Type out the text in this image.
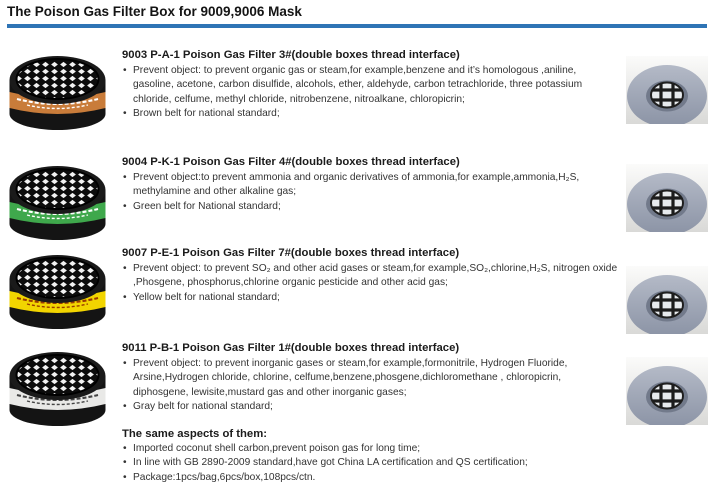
The Poison Gas Filter Box for 9009,9006 Mask
9003 P-A-1 Poison Gas Filter 3#(double boxes thread interface)
• Prevent object: to prevent organic gas or steam,for example,benzene and it’s homologous ,aniline, gasoline, acetone, carbon disulfide, alcohols, ether, aldehyde, carbon tetrachloride, three potassium chloride, celfume, methyl chloride, nitrobenzene, nitroalkane, chloropicrin;
• Brown belt for national standard;
9004 P-K-1 Poison Gas Filter 4#(double boxes thread interface)
• Prevent object:to prevent ammonia and organic derivatives of ammonia,for example,ammonia,H₂S, methylamine and other alkaline gas;
• Green belt for National standard;
9007 P-E-1 Poison Gas Filter 7#(double boxes thread interface)
• Prevent object: to prevent SO₂ and other acid gases or steam,for example,SO₂,chlorine,H₂S, nitrogen oxide ,Phosgene, phosphorus,chlorine organic pesticide and other acid gas;
• Yellow belt for national standard;
9011 P-B-1 Poison Gas Filter 1#(double boxes thread interface)
• Prevent object: to prevent inorganic gases or steam,for example,formonitrile, Hydrogen Fluoride, Arsine,Hydrogen chloride, chlorine, celfume,benzene,phosgene,dichloromethane , chloropicrin, diphosgene, lewisite,mustard gas and other inorganic gases;
• Gray belt for national standard;
The same aspects of them:
• Imported coconut shell carbon,prevent poison gas for long time;
• In line with GB 2890-2009 standard,have got China LA certification and QS certification;
• Package:1pcs/bag,6pcs/box,108pcs/ctn.
